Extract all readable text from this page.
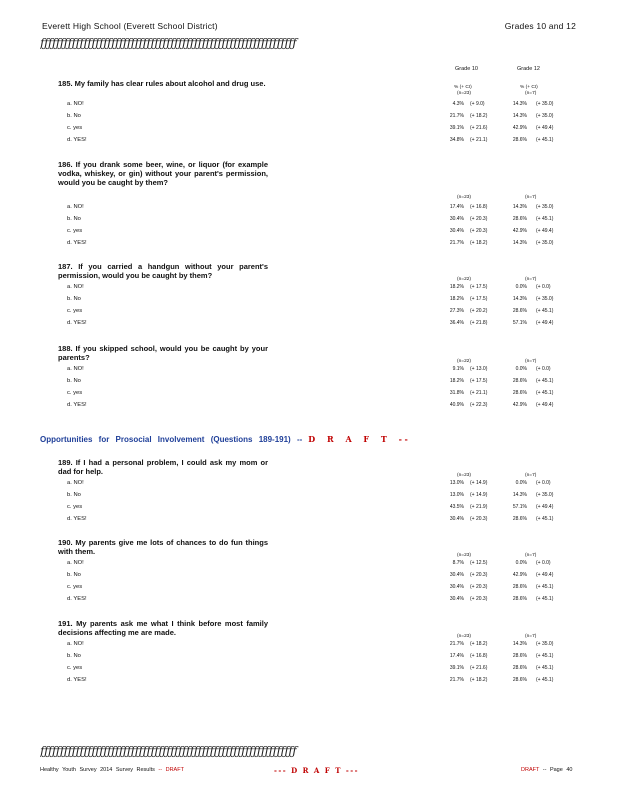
Everett High School (Everett School District)	Grades 10 and 12
ƒƒƒƒƒƒƒƒƒƒƒƒƒƒƒƒƒƒƒƒƒƒƒƒƒƒƒƒƒƒƒƒƒƒƒƒƒƒƒƒƒƒƒƒƒƒƒƒƒƒƒƒƒƒƒƒƒƒƒƒƒƒƒƒƒ
Grade 10	Grade 12
185. My family has clear rules about alcohol and drug use.	% (+ CI)	% (+ CI)
(n=23)	(n=7)
a. NO!	4.3% (+ 9.0)	14.3% (+ 35.0)
b. No	21.7% (+ 18.2)	14.3% (+ 35.0)
c. yes	39.1% (+ 21.6)	42.9% (+ 49.4)
d. YES!	34.8% (+ 21.1)	28.6% (+ 45.1)
186. If you drank some beer, wine, or liquor (for example vodka, whiskey, or gin) without your parent's permission, would you be caught by them?
(n=23)	(n=7)
a. NO!	17.4% (+ 16.8)	14.3% (+ 35.0)
b. No	30.4% (+ 20.3)	28.6% (+ 45.1)
c. yes	30.4% (+ 20.3)	42.9% (+ 49.4)
d. YES!	21.7% (+ 18.2)	14.3% (+ 35.0)
187. If you carried a handgun without your parent's permission, would you be caught by them?	(n=22)	(n=7)
a. NO!	18.2% (+ 17.5)	0.0% (+ 0.0)
b. No	18.2% (+ 17.5)	14.3% (+ 35.0)
c. yes	27.3% (+ 20.2)	28.6% (+ 45.1)
d. YES!	36.4% (+ 21.8)	57.1% (+ 49.4)
188. If you skipped school, would you be caught by your parents?	(n=22)	(n=7)
a. NO!	9.1% (+ 13.0)	0.0% (+ 0.0)
b. No	18.2% (+ 17.5)	28.6% (+ 45.1)
c. yes	31.8% (+ 21.1)	28.6% (+ 45.1)
d. YES!	40.9% (+ 22.3)	42.9% (+ 49.4)
189. If I had a personal problem, I could ask my mom or dad for help.	(n=23)	(n=7)
a. NO!	13.0% (+ 14.9)	0.0% (+ 0.0)
b. No	13.0% (+ 14.9)	14.3% (+ 35.0)
c. yes	43.5% (+ 21.9)	57.1% (+ 49.4)
d. YES!	30.4% (+ 20.3)	28.6% (+ 45.1)
190. My parents give me lots of chances to do fun things with them.	(n=23)	(n=7)
a. NO!	8.7% (+ 12.5)	0.0% (+ 0.0)
b. No	30.4% (+ 20.3)	42.9% (+ 49.4)
c. yes	30.4% (+ 20.3)	28.6% (+ 45.1)
d. YES!	30.4% (+ 20.3)	28.6% (+ 45.1)
191. My parents ask me what I think before most family decisions affecting me are made.	(n=23)	(n=7)
a. NO!	21.7% (+ 18.2)	14.3% (+ 35.0)
b. No	17.4% (+ 16.8)	28.6% (+ 45.1)
c. yes	39.1% (+ 21.6)	28.6% (+ 45.1)
d. YES!	21.7% (+ 18.2)	28.6% (+ 45.1)
Opportunities for Prosocial Involvement (Questions 189-191) -- D R A F T --
ƒƒƒƒƒƒƒƒƒƒƒƒƒƒƒƒƒƒƒƒƒƒƒƒƒƒƒƒƒƒƒƒƒƒƒƒƒƒƒƒƒƒƒƒƒƒƒƒƒƒƒƒƒƒƒƒƒƒƒƒƒƒƒƒƒ
Healthy Youth Survey 2014 Survey Results -- DRAFT	--- D R A F T ---	DRAFT -- Page 40
